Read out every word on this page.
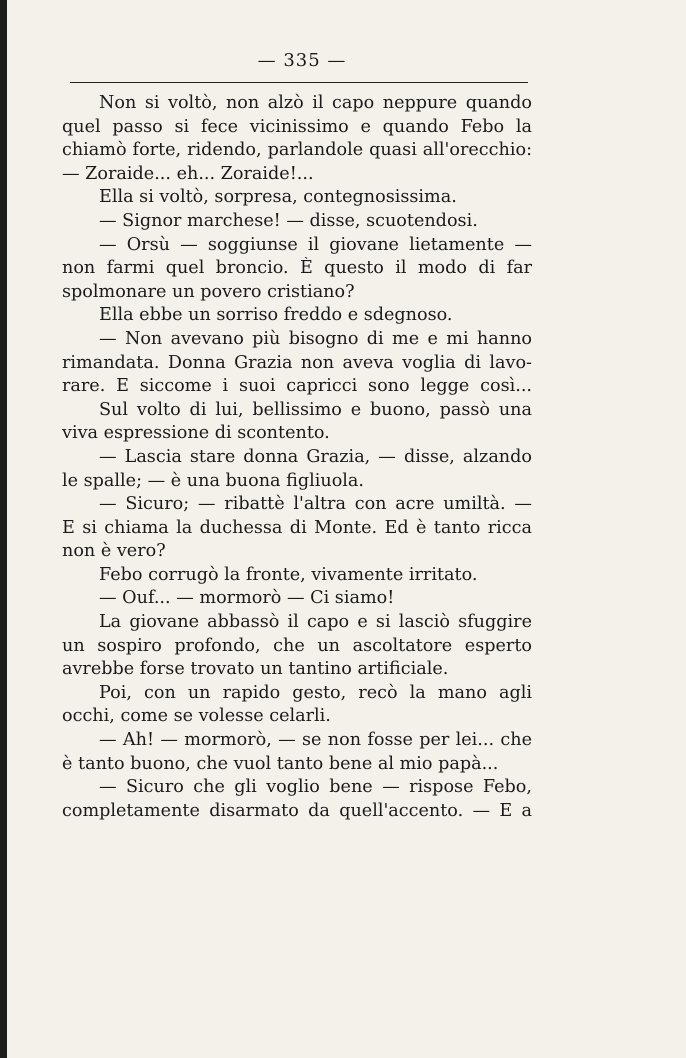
— 335 —
Non si voltò, non alzò il capo neppure quando
quel passo si fece vicinissimo e quando Febo la
chiamò forte, ridendo, parlandole quasi all'orecchio:
— Zoraide... eh... Zoraide!...
Ella si voltò, sorpresa, contegnosissima.
— Signor marchese! — disse, scuotendosi.
— Orsù — soggiunse il giovane lietamente —
non farmi quel broncio. È questo il modo di far
spolmonare un povero cristiano?
Ella ebbe un sorriso freddo e sdegnoso.
— Non avevano più bisogno di me e mi hanno
rimandata. Donna Grazia non aveva voglia di lavo-
rare. E siccome i suoi capricci sono legge così...
Sul volto di lui, bellissimo e buono, passò una
viva espressione di scontento.
— Lascia stare donna Grazia, — disse, alzando
le spalle; — è una buona figliuola.
— Sicuro; — ribattè l'altra con acre umiltà. —
E si chiama la duchessa di Monte. Ed è tanto ricca
non è vero?
Febo corrugò la fronte, vivamente irritato.
— Ouf... — mormorò — Ci siamo!
La giovane abbassò il capo e si lasciò sfuggire
un sospiro profondo, che un ascoltatore esperto
avrebbe forse trovato un tantino artificiale.
Poi, con un rapido gesto, recò la mano agli
occhi, come se volesse celarli.
— Ah! — mormorò, — se non fosse per lei... che
è tanto buono, che vuol tanto bene al mio papà...
— Sicuro che gli voglio bene — rispose Febo,
completamente disarmato da quell'accento. — E a
